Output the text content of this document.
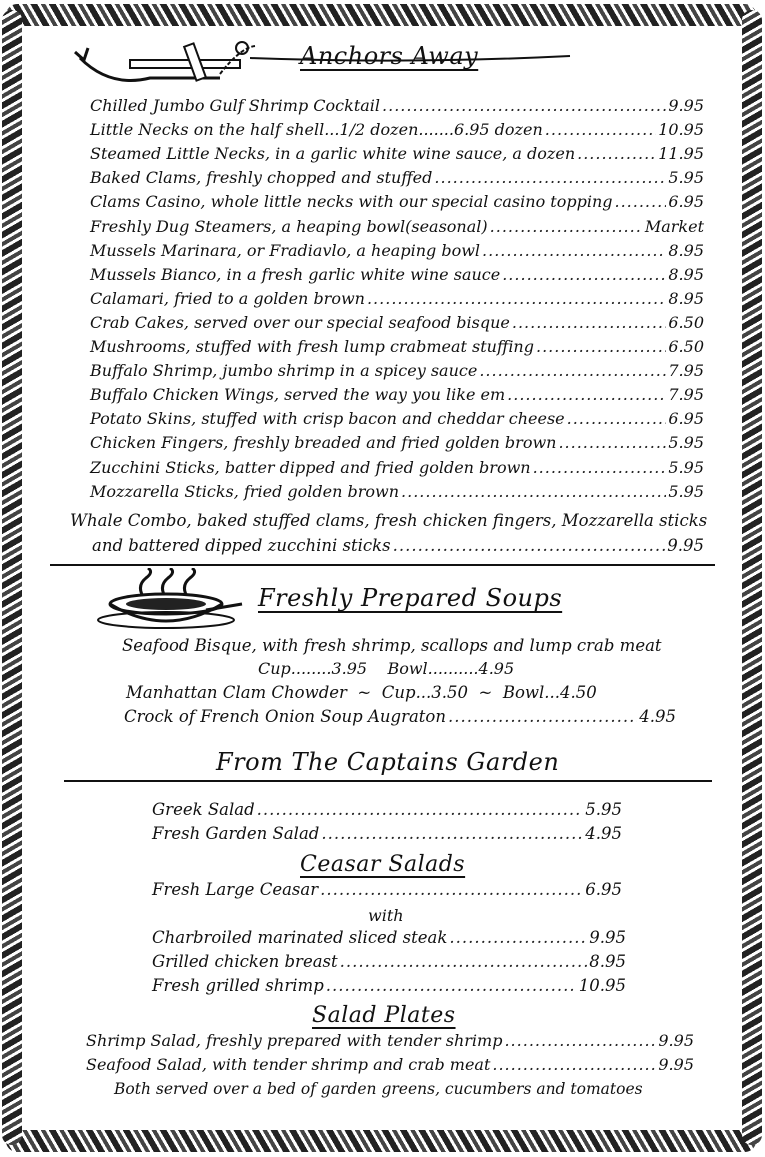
Anchors Away
Chilled Jumbo Gulf Shrimp Cocktail .....	9.95
Little Necks on the half shell...1/2 dozen.......6.95 dozen .....	10.95
Steamed Little Necks, in a garlic white wine sauce, a dozen .....	11.95
Baked Clams, freshly chopped and stuffed .....	5.95
Clams Casino, whole little necks with our special casino topping .....	6.95
Freshly Dug Steamers, a heaping bowl(seasonal) .....	Market
Mussels Marinara, or Fradiavlo, a heaping bowl .....	8.95
Mussels Bianco, in a fresh garlic white wine sauce .....	8.95
Calamari, fried to a golden brown .....	8.95
Crab Cakes, served over our special seafood bisque .....	6.50
Mushrooms, stuffed with fresh lump crabmeat stuffing .....	6.50
Buffalo Shrimp, jumbo shrimp in a spicey sauce .....	7.95
Buffalo Chicken Wings, served the way you like em .....	7.95
Potato Skins, stuffed with crisp bacon and cheddar cheese .....	6.95
Chicken Fingers, freshly breaded and fried golden brown .....	5.95
Zucchini Sticks, batter dipped and fried golden brown .....	5.95
Mozzarella Sticks, fried golden brown .....	5.95
Whale Combo, baked stuffed clams, fresh chicken fingers, Mozzarella sticks
and battered dipped zucchini sticks .....	9.95
Freshly Prepared Soups
Seafood Bisque, with fresh shrimp, scallops and lump crab meat
Cup........3.95    Bowl..........4.95
Manhattan Clam Chowder  ~  Cup...3.50  ~  Bowl...4.50
Crock of French Onion Soup Augraton .....	4.95
From The Captains Garden
Greek Salad .....	5.95
Fresh Garden Salad .....	4.95
Ceasar Salads
Fresh Large Ceasar .....	6.95
with
Charbroiled marinated sliced steak .....	9.95
Grilled chicken breast .....	8.95
Fresh grilled shrimp .....	10.95
Salad Plates
Shrimp Salad, freshly prepared with tender shrimp .....	9.95
Seafood Salad, with tender shrimp and crab meat .....	9.95
Both served over a bed of garden greens, cucumbers and tomatoes
